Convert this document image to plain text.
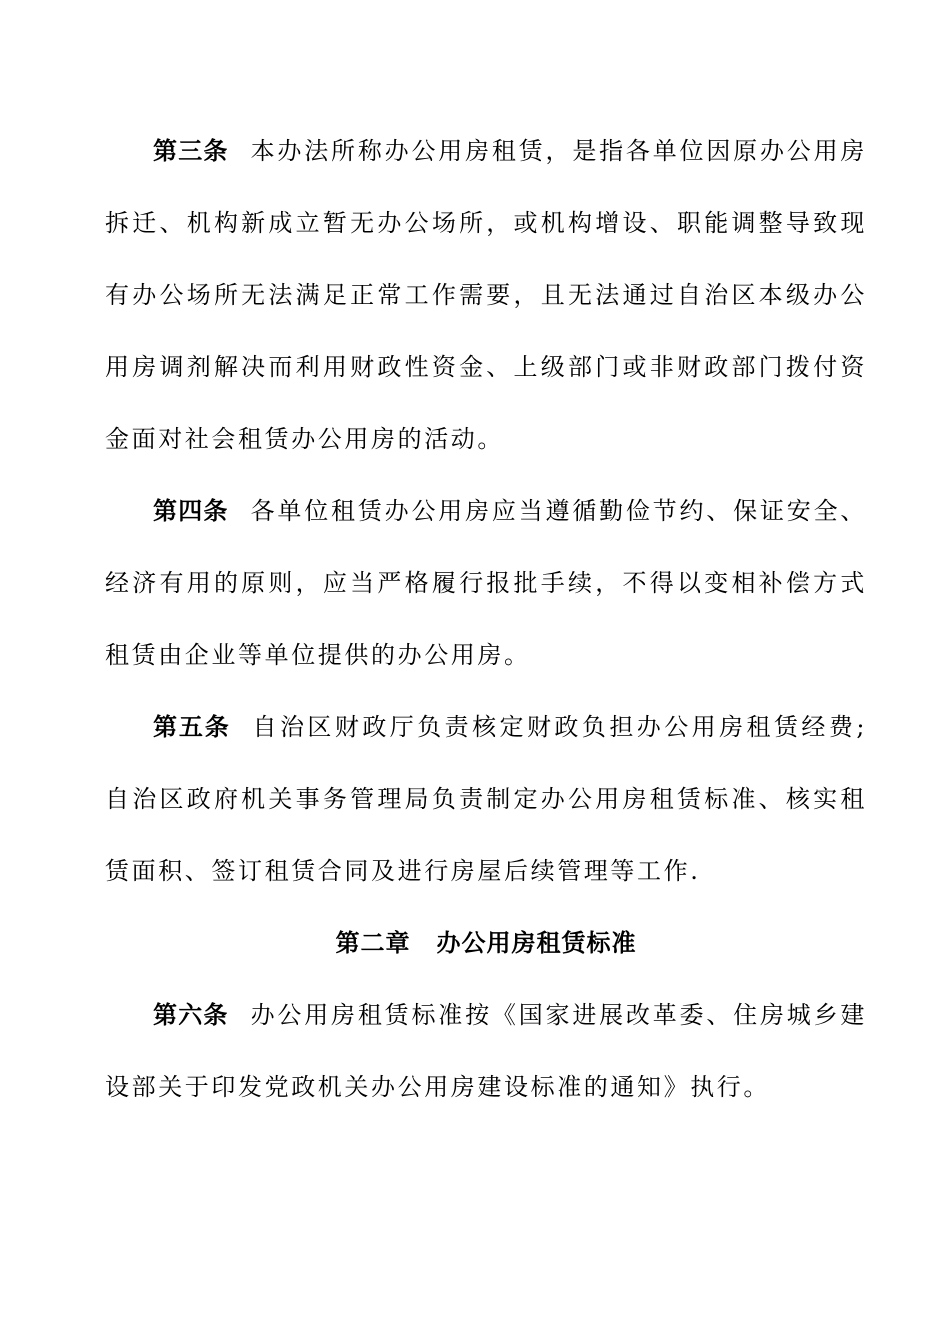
第三条 本办法所称办公用房租赁，是指各单位因原办公用房拆迁、机构新成立暂无办公场所，或机构增设、职能调整导致现有办公场所无法满足正常工作需要，且无法通过自治区本级办公用房调剂解决而利用财政性资金、上级部门或非财政部门拨付资金面对社会租赁办公用房的活动。

第四条 各单位租赁办公用房应当遵循勤俭节约、保证安全、经济有用的原则，应当严格履行报批手续，不得以变相补偿方式租赁由企业等单位提供的办公用房。

第五条 自治区财政厅负责核定财政负担办公用房租赁经费;自治区政府机关事务管理局负责制定办公用房租赁标准、核实租赁面积、签订租赁合同及进行房屋后续管理等工作.

第二章 办公用房租赁标准

第六条 办公用房租赁标准按《国家进展改革委、住房城乡建设部关于印发党政机关办公用房建设标准的通知》执行。
